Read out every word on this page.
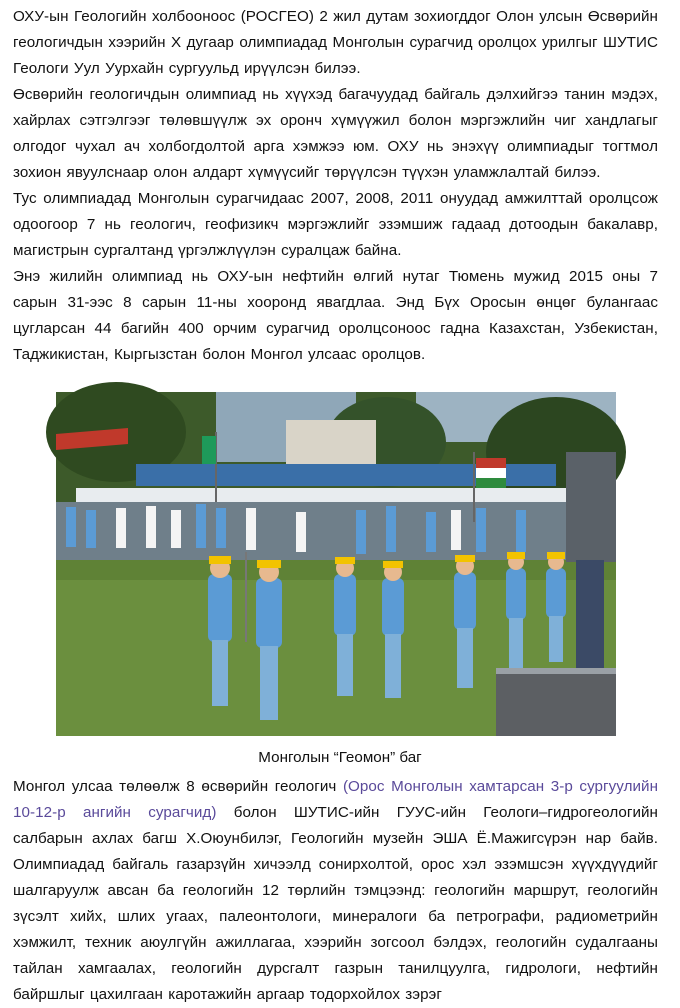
ОХУ-ын Геологийн холбооноос (РОСГЕО) 2 жил дутам зохиогддог Олон улсын Өсвөрийн геологичдын хээрийн Х дугаар олимпиадад Монголын сурагчид оролцох урилгыг ШУТИС Геологи Уул Уурхайн сургуульд ирүүлсэн билээ.

Өсвөрийн геологичдын олимпиад нь хүүхэд багачуудад байгаль дэлхийгээ танин мэдэх, хайрлах сэтгэлгээг төлөвшүүлж эх оронч хүмүүжил болон мэргэжлийн чиг хандлагыг олгодог чухал ач холбогдолтой арга хэмжээ юм. ОХУ нь энэхүү олимпиадыг тогтмол зохион явуулснаар олон алдарт хүмүүсийг төрүүлсэн түүхэн уламжлалтай билээ.

Тус олимпиадад Монголын сурагчидаас 2007, 2008, 2011 онуудад амжилттай оролцсож одоогоор 7 нь геологич, геофизикч мэргэжлийг эзэмшиж гадаад дотоодын бакалавр, магистрын сургалтанд үргэлжлүүлэн суралцаж байна.

Энэ жилийн олимпиад нь ОХУ-ын нефтийн өлгий нутаг Тюмень мужид 2015 оны 7 сарын 31-ээс 8 сарын 11-ны хооронд явагдлаа. Энд Бүх Оросын өнцөг булангаас цугларсан 44 багийн 400 орчим сурагчид оролцсоноос гадна Казахстан, Узбекистан, Таджикистан, Кыргызстан болон Монгол улсаас оролцов.

Монголын “Геомон” баг

Монгол улсаа төлөөлж 8 өсвөрийн геологич (Орос Монголын хамтарсан 3-р сургуулийн 10-12-р ангийн сурагчид) болон ШУТИС-ийн ГУУС-ийн Геологи–гидрогеологийн салбарын ахлах багш Х.Оюунбилэг, Геологийн музейн ЭША Ё.Мажигсүрэн нар байв. Олимпиадад байгаль газарзүйн хичээлд сонирхолтой, орос хэл эзэмшсэн хүүхдүүдийг шалгаруулж авсан ба геологийн 12 төрлийн тэмцээнд: геологийн маршрут, геологийн зүсэлт хийх, шлих угаах, палеонтологи, минералоги ба петрографи, радиометрийн хэмжилт, техник аюулгүйн ажиллагаа, хээрийн зогсоол бэлдэх, геологийн судалгааны тайлан хамгаалах, геологийн дурсгалт газрын танилцуулга, гидрологи, нефтийн байршлыг цахилгаан каротажийн аргаар тодорхойлох зэрэг
